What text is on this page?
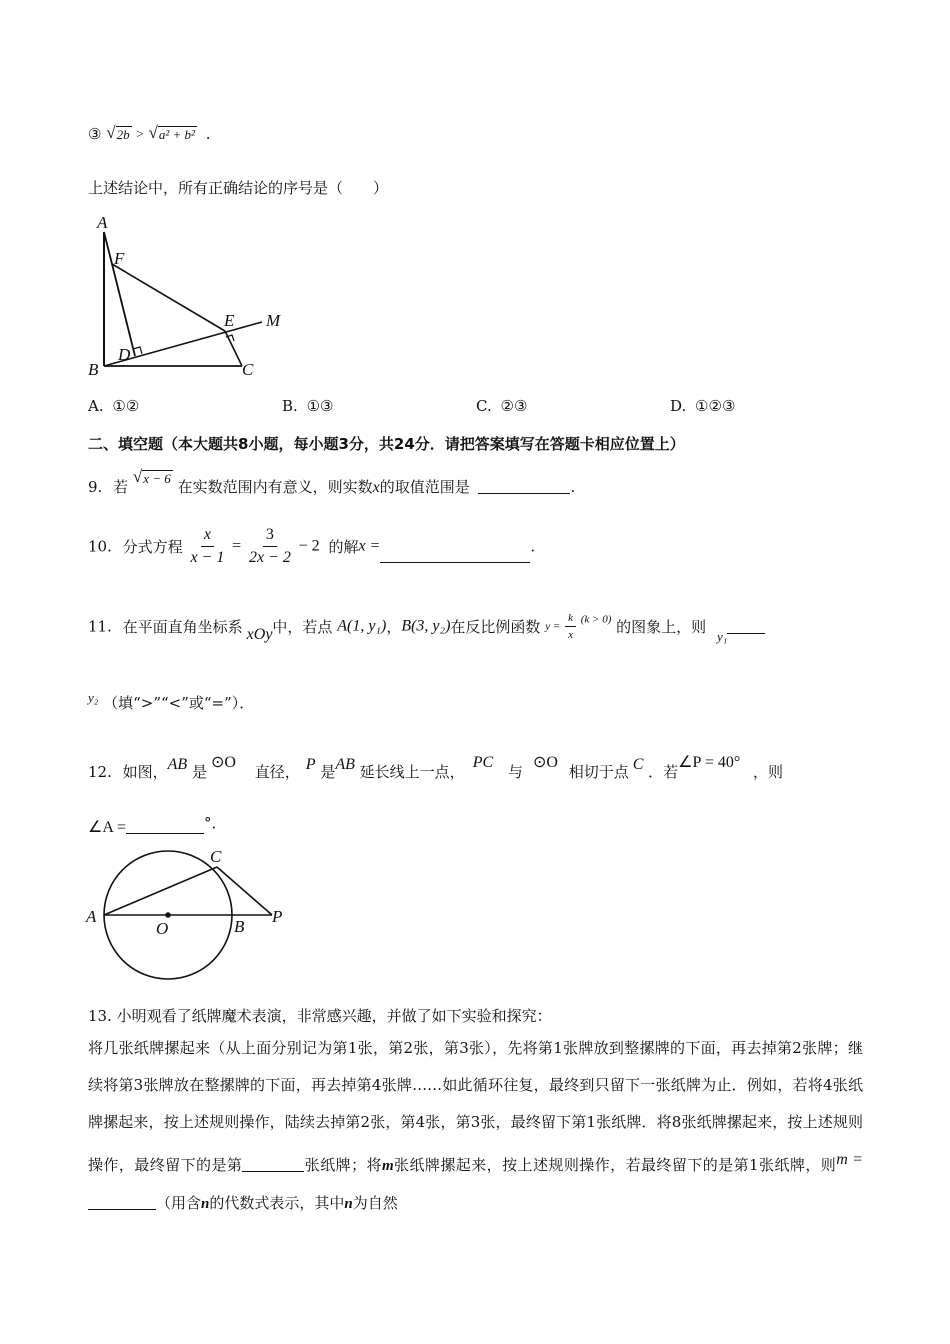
③ √ 2b > √ a² + b² .
上述结论中，所有正确结论的序号是（　　）
A
F
E M
D
B	C
A. ①②	B. ①③	C. ②③	D. ①②③
二、填空题（本大题共8小题，每小题3分，共24分．请把答案填写在答题卡相应位置上）
9. 若
√ x − 6 在实数范围内有意义，则实数x的取值范围是	.
10. 分式方程 $\frac{x}{x - 1} = \frac{3}{2x - 2} - 2$ 的解x =	.
11. 在平面直角坐标系 xOy中，若点 A(1, y₁)，B(3, y₂)在反比例函数 $y = \frac{k}{x} ^{(k > 0)}$ 的图象上，则 y₁
y₂ （填“>”“<”或“=”）．
12. 如图，AB 是⊙O 直径， P 是AB 延长线上一点，PC 与⊙O 相切于点 C ．若∠P = 40° ，则
∠A =	°．
C
A
O	B
P
13. 小明观看了纸牌魔术表演，非常感兴趣，并做了如下实验和探究：
将几张纸牌摞起来（从上面分别记为第1张，第2张，第3张），先将第1张牌放到整摞牌的下面，再去掉第2张牌；继续将第3张牌放在整摞牌的下面，再去掉第4张牌……如此循环往复，最终到只留下一张纸牌为止．例如，若将4张纸牌摞起来，按上述规则操作，陆续去掉第2张，第4张，第3张，最终留下第1张纸牌．将8张纸牌摞起来，按上述规则操作，最终留下的是第	张纸牌；将m张纸牌摞起来，按上述规则操作，若最终留下的是第1张纸牌，则m =（用含n的代数式表示，其中n为自然
